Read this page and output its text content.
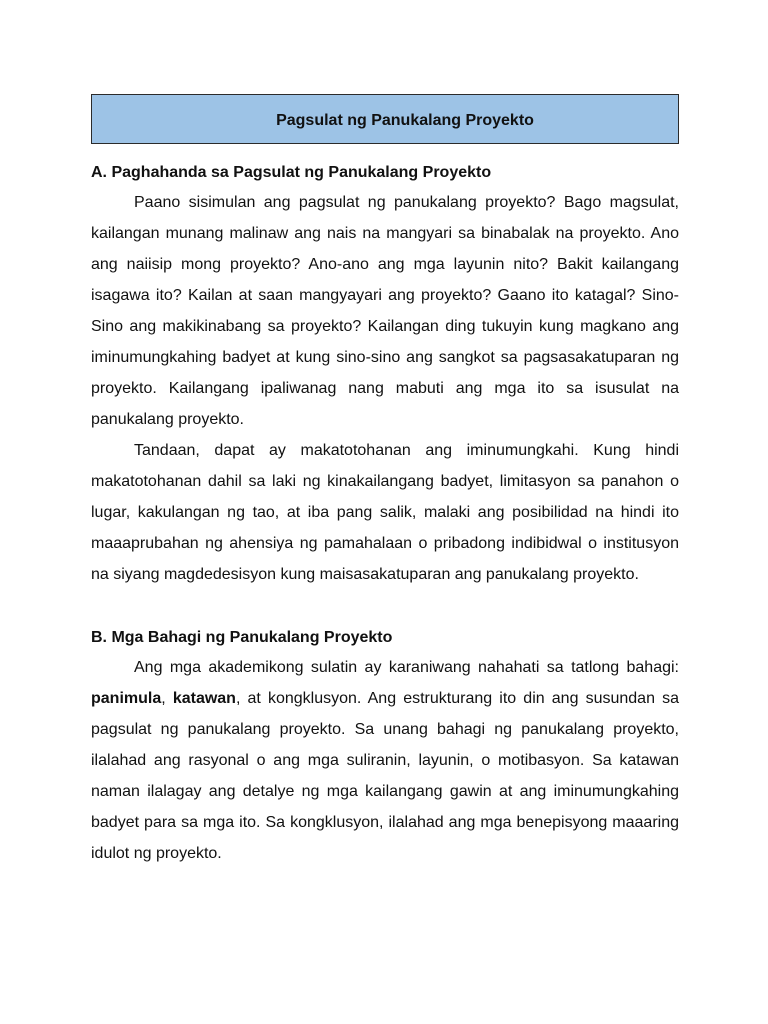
Pagsulat ng Panukalang Proyekto
A. Paghahanda sa Pagsulat ng Panukalang Proyekto

Paano sisimulan ang pagsulat ng panukalang proyekto? Bago magsulat, kailangan munang malinaw ang nais na mangyari sa binabalak na proyekto. Ano ang naiisip mong proyekto? Ano-ano ang mga layunin nito? Bakit kailangang isagawa ito? Kailan at saan mangyayari ang proyekto? Gaano ito katagal? Sino-Sino ang makikinabang sa proyekto? Kailangan ding tukuyin kung magkano ang iminumungkahing badyet at kung sino-sino ang sangkot sa pagsasakatuparan ng proyekto. Kailangang ipaliwanag nang mabuti ang mga ito sa isusulat na panukalang proyekto.

Tandaan, dapat ay makatotohanan ang iminumungkahi. Kung hindi makatotohanan dahil sa laki ng kinakailangang badyet, limitasyon sa panahon o lugar, kakulangan ng tao, at iba pang salik, malaki ang posibilidad na hindi ito maaaprubahan ng ahensiya ng pamahalaan o pribadong indibidwal o institusyon na siyang magdedesisyon kung maisasakatuparan ang panukalang proyekto.

B. Mga Bahagi ng Panukalang Proyekto

Ang mga akademikong sulatin ay karaniwang nahahati sa tatlong bahagi: panimula, katawan, at kongklusyon. Ang estrukturang ito din ang susundan sa pagsulat ng panukalang proyekto. Sa unang bahagi ng panukalang proyekto, ilalahad ang rasyonal o ang mga suliranin, layunin, o motibasyon. Sa katawan naman ilalagay ang detalye ng mga kailangang gawin at ang iminumungkahing badyet para sa mga ito. Sa kongklusyon, ilalahad ang mga benepisyong maaaring idulot ng proyekto.
